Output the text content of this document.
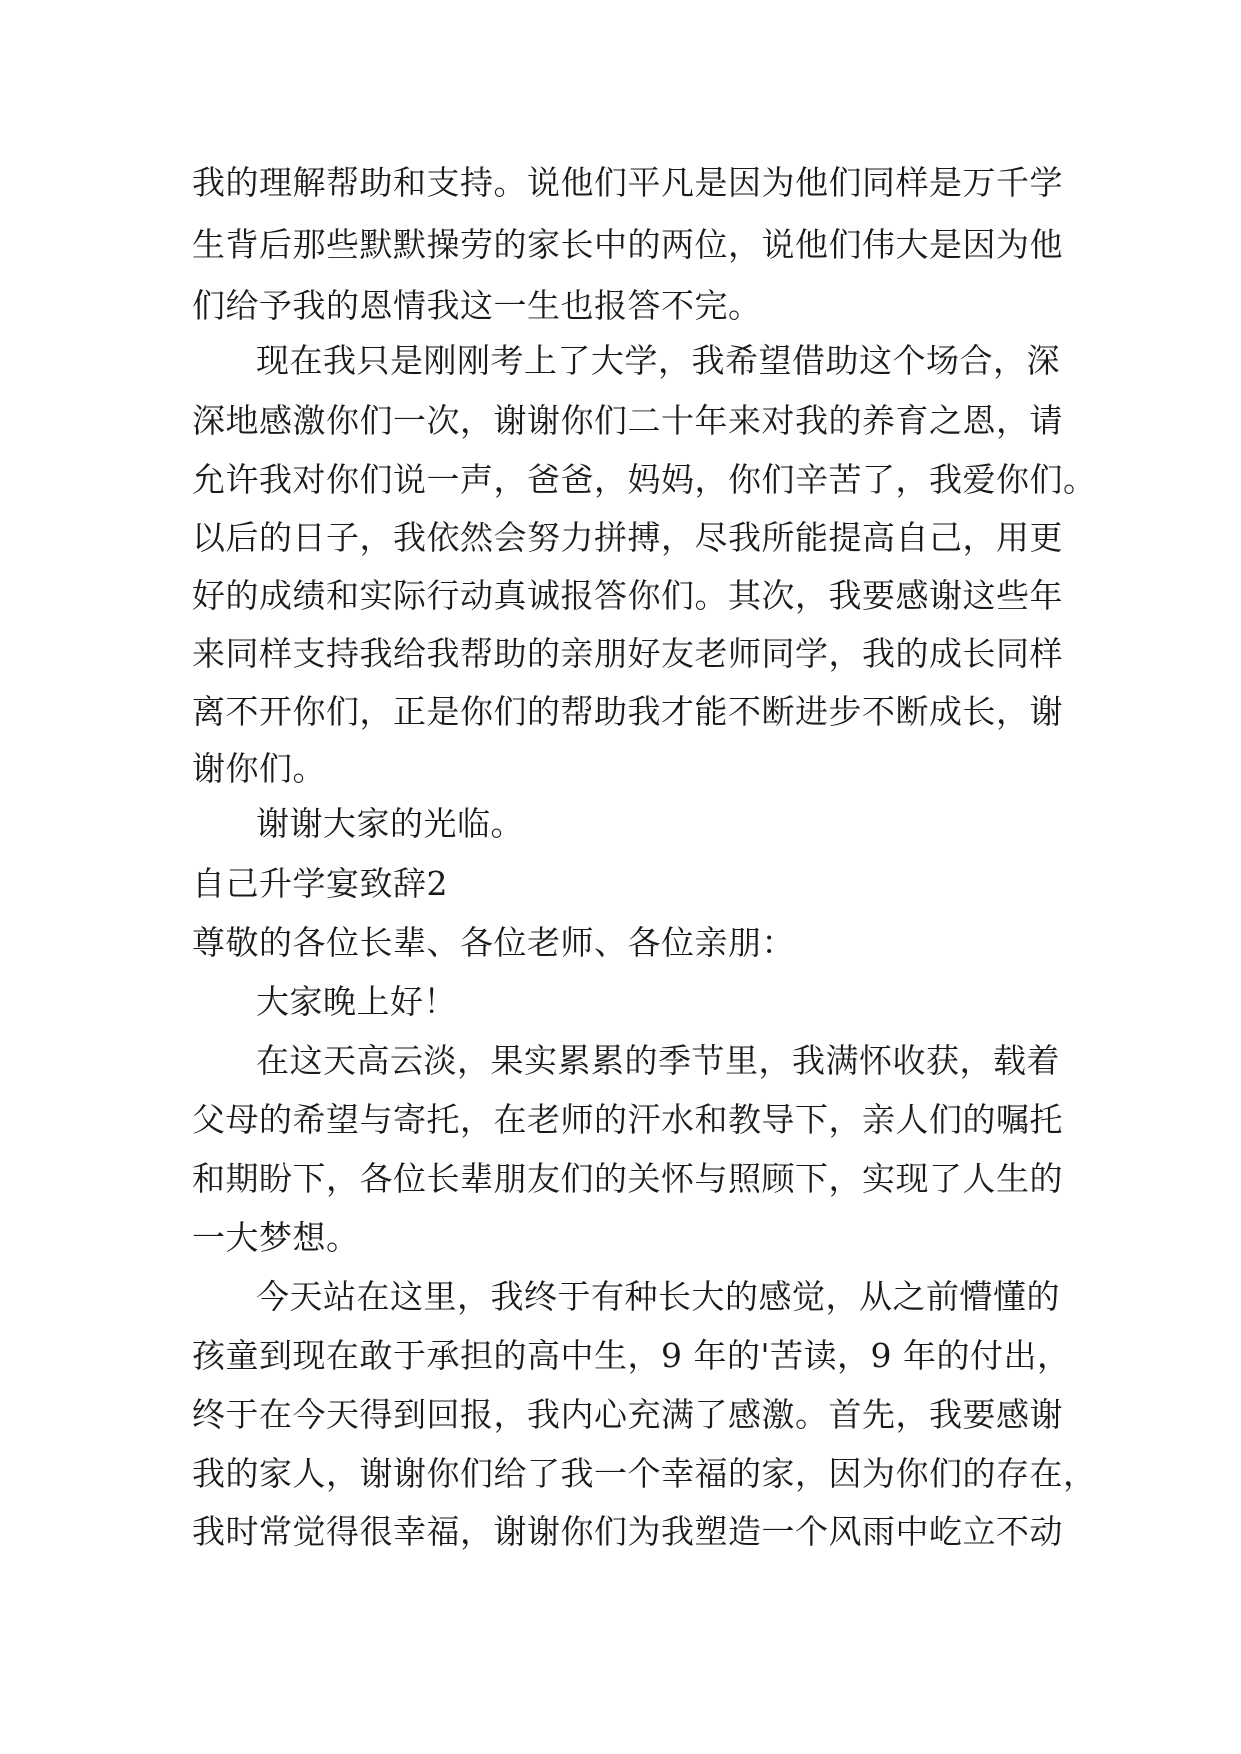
我的理解帮助和支持。说他们平凡是因为他们同样是万千学
生背后那些默默操劳的家长中的两位，说他们伟大是因为他
们给予我的恩情我这一生也报答不完。
现在我只是刚刚考上了大学，我希望借助这个场合，深
深地感激你们一次，谢谢你们二十年来对我的养育之恩，请
允许我对你们说一声，爸爸，妈妈，你们辛苦了，我爱你们。
以后的日子，我依然会努力拼搏，尽我所能提高自己，用更
好的成绩和实际行动真诚报答你们。其次，我要感谢这些年
来同样支持我给我帮助的亲朋好友老师同学，我的成长同样
离不开你们，正是你们的帮助我才能不断进步不断成长，谢
谢你们。
谢谢大家的光临。
自己升学宴致辞2
尊敬的各位长辈、各位老师、各位亲朋：
大家晚上好！
在这天高云淡，果实累累的季节里，我满怀收获，载着
父母的希望与寄托，在老师的汗水和教导下，亲人们的嘱托
和期盼下，各位长辈朋友们的关怀与照顾下，实现了人生的
一大梦想。
今天站在这里，我终于有种长大的感觉，从之前懵懂的
孩童到现在敢于承担的高中生，9 年的'苦读，9 年的付出，
终于在今天得到回报，我内心充满了感激。首先，我要感谢
我的家人，谢谢你们给了我一个幸福的家，因为你们的存在，
我时常觉得很幸福，谢谢你们为我塑造一个风雨中屹立不动
